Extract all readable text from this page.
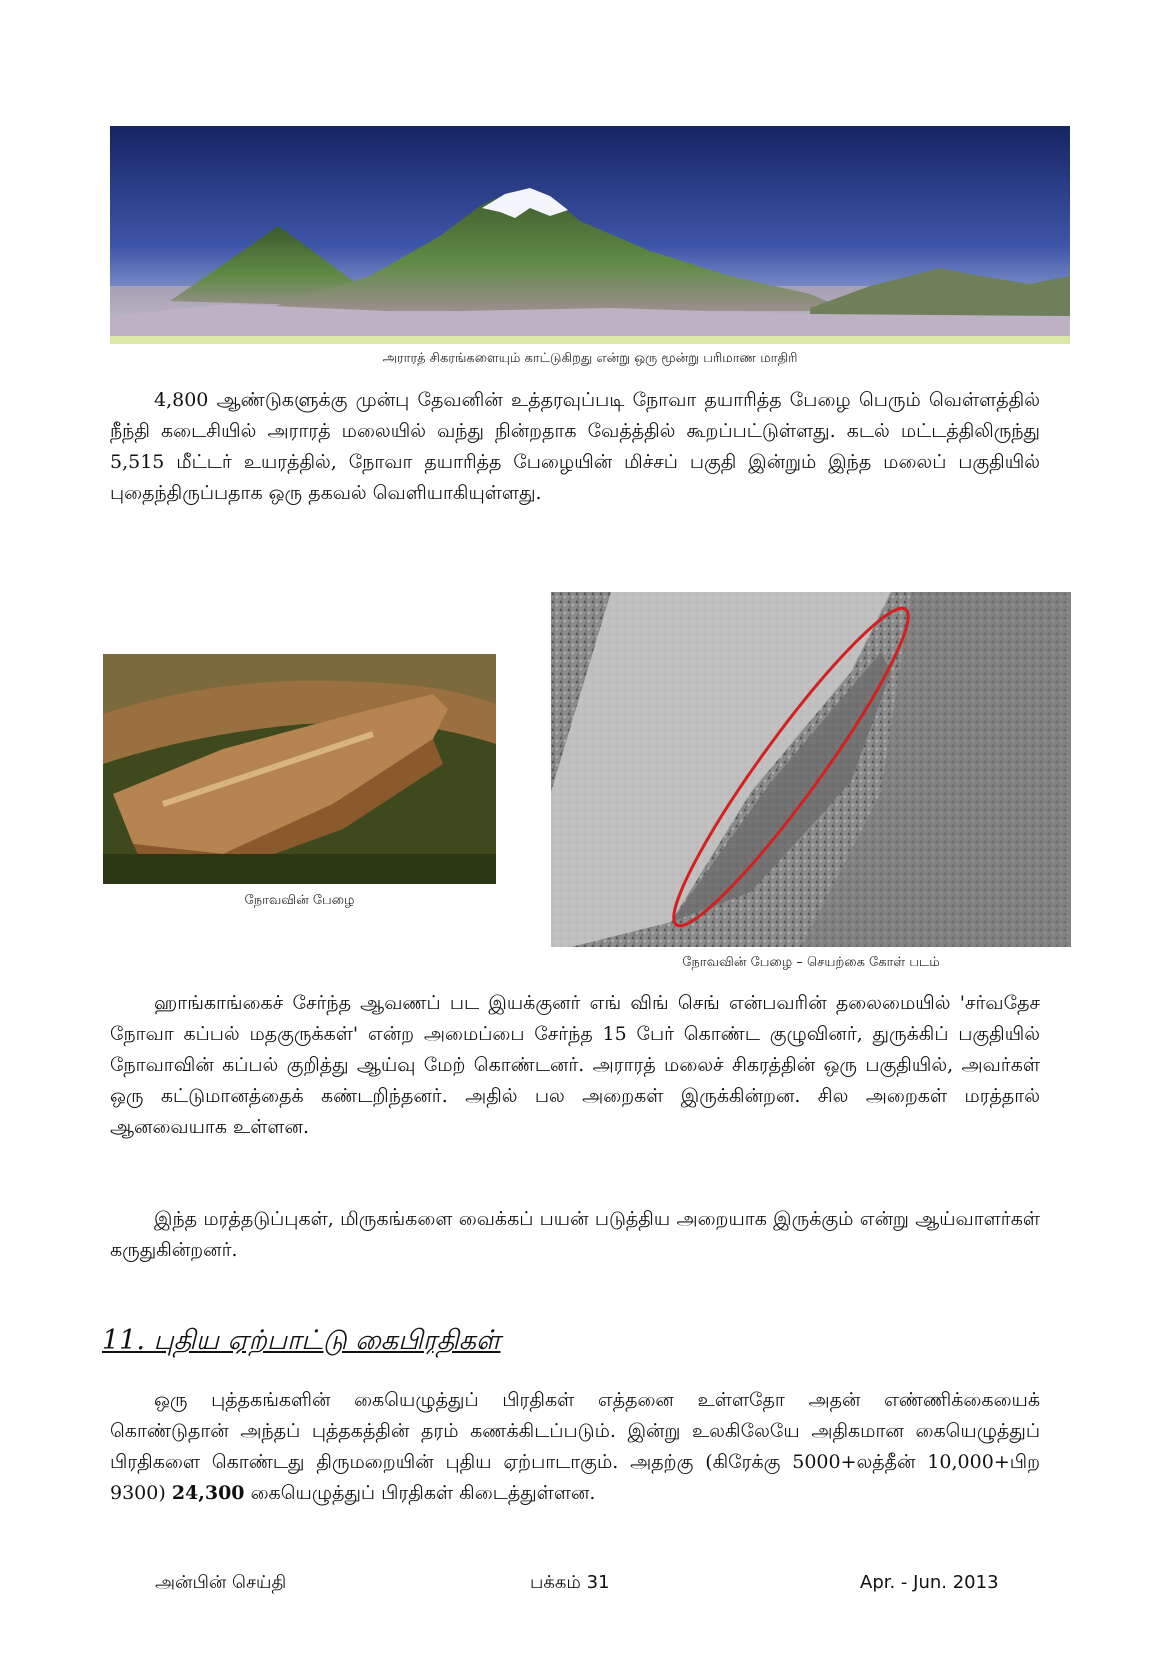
அராரத் சிகரங்களையும் காட்டுகிறது என்று ஒரு மூன்று பரிமாண மாதிரி
4,800 ஆண்டுகளுக்கு முன்பு தேவனின் உத்தரவுப்படி நோவா தயாரித்த பேழை பெரும் வெள்ளத்தில் நீந்தி கடைசியில் அராரத் மலையில் வந்து நின்றதாக வேத்த்தில் கூறப்பட்டுள்ளது. கடல் மட்டத்திலிருந்து 5,515 மீட்டர் உயரத்தில், நோவா தயாரித்த பேழையின் மிச்சப் பகுதி இன்றும் இந்த மலைப் பகுதியில் புதைந்திருப்பதாக ஒரு தகவல் வெளியாகியுள்ளது.
நோவவின் பேழை
நோவவின் பேழை – செயற்கை கோள் படம்
ஹாங்காங்கைச் சேர்ந்த ஆவணப் பட இயக்குனர் எங் விங் செங் என்பவரின் தலைமையில் 'சர்வதேச நோவா கப்பல் மதகுருக்கள்' என்ற அமைப்பை சேர்ந்த 15 பேர் கொண்ட குழுவினர், துருக்கிப் பகுதியில் நோவாவின் கப்பல் குறித்து ஆய்வு மேற் கொண்டனர். அராரத் மலைச் சிகரத்தின் ஒரு பகுதியில், அவர்கள் ஒரு கட்டுமானத்தைக் கண்டறிந்தனர். அதில் பல அறைகள் இருக்கின்றன. சில அறைகள் மரத்தால் ஆனவையாக உள்ளன.
இந்த மரத்தடுப்புகள், மிருகங்களை வைக்கப் பயன் படுத்திய அறையாக இருக்கும் என்று ஆய்வாளர்கள் கருதுகின்றனர்.
11. புதிய ஏற்பாட்டு கைபிரதிகள்
ஒரு புத்தகங்களின் கையெழுத்துப் பிரதிகள் எத்தனை உள்ளதோ அதன் எண்ணிக்கையைக் கொண்டுதான் அந்தப் புத்தகத்தின் தரம் கணக்கிடப்படும். இன்று உலகிலேயே அதிகமான கையெழுத்துப் பிரதிகளை கொண்டது திருமறையின் புதிய ஏற்பாடாகும். அதற்கு (கிரேக்கு 5000+லத்தீன் 10,000+பிற 9300) 24,300 கையெழுத்துப் பிரதிகள் கிடைத்துள்ளன.
அன்பின் செய்தி	பக்கம் 31	Apr. - Jun. 2013
